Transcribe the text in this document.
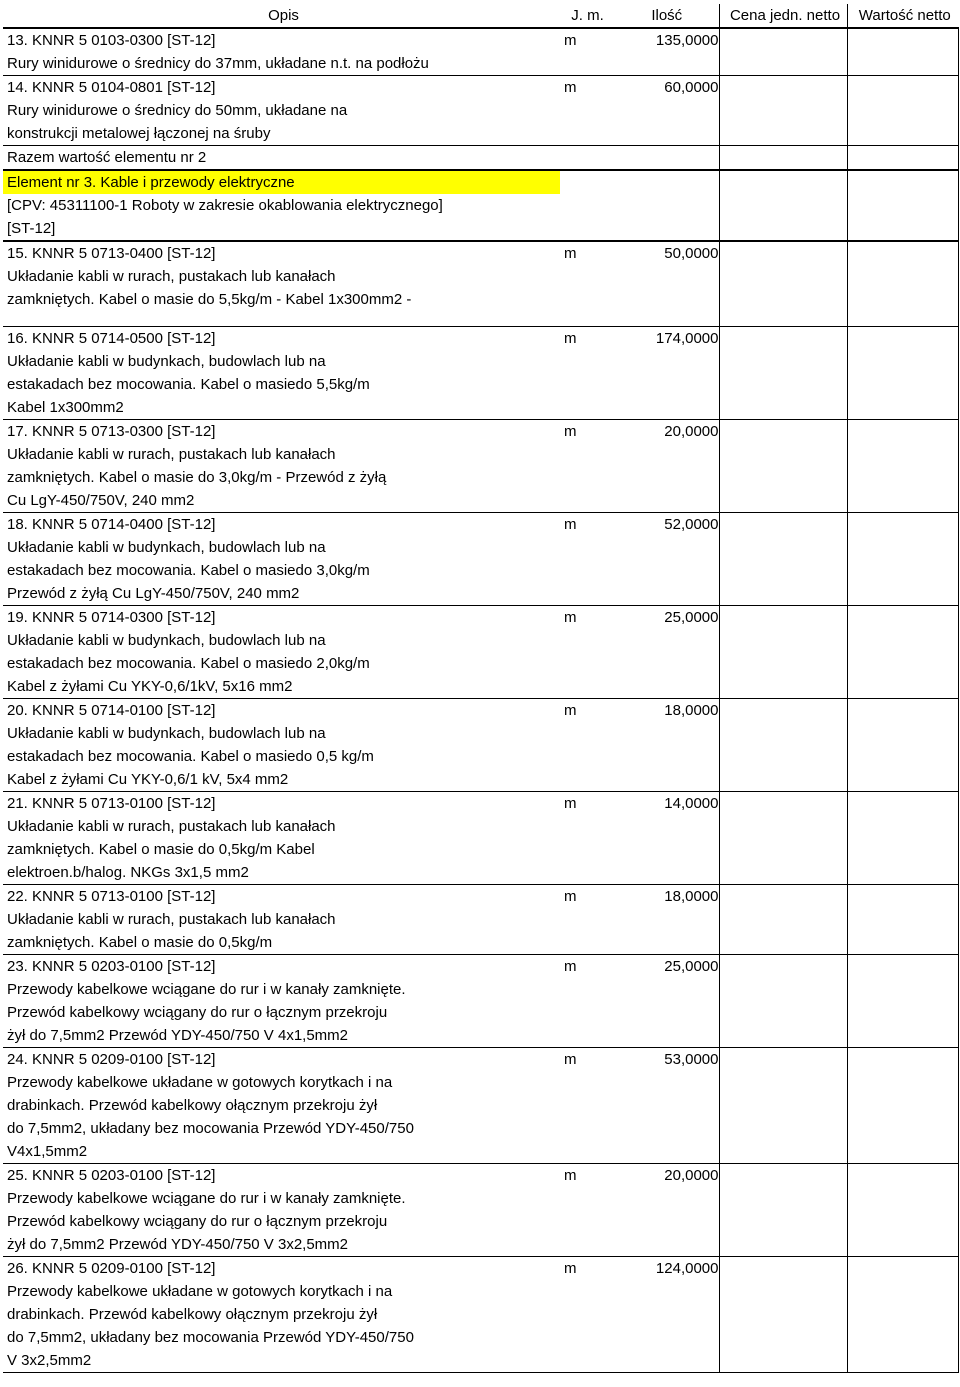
Opis	J. m.	Ilość	Cena jedn. netto	Wartość netto
13. KNNR 5 0103-0300 [ST-12]	m	135,0000		
Rury winidurowe o średnicy do 37mm, układane n.t. na podłożu				
14. KNNR 5 0104-0801 [ST-12]	m	60,0000		
Rury winidurowe o średnicy do 50mm, układane na				
konstrukcji metalowej łączonej na śruby				
Razem wartość elementu nr 2				
Element nr 3. Kable i przewody elektryczne				
[CPV: 45311100-1 Roboty w zakresie okablowania elektrycznego]				
[ST-12]				
15. KNNR 5 0713-0400 [ST-12]	m	50,0000		
Układanie kabli w rurach, pustakach lub kanałach				
zamkniętych. Kabel o masie do 5,5kg/m - Kabel 1x300mm2 -				

16. KNNR 5 0714-0500 [ST-12]	m	174,0000		
Układanie kabli w budynkach, budowlach lub na				
estakadach bez mocowania. Kabel o masiedo 5,5kg/m				
Kabel 1x300mm2				
17. KNNR 5 0713-0300 [ST-12]	m	20,0000		
Układanie kabli w rurach, pustakach lub kanałach				
zamkniętych. Kabel o masie do 3,0kg/m - Przewód z żyłą				
Cu LgY-450/750V, 240 mm2				
18. KNNR 5 0714-0400 [ST-12]	m	52,0000		
Układanie kabli w budynkach, budowlach lub na				
estakadach bez mocowania. Kabel o masiedo 3,0kg/m				
Przewód z żyłą Cu LgY-450/750V, 240 mm2				
19. KNNR 5 0714-0300 [ST-12]	m	25,0000		
Układanie kabli w budynkach, budowlach lub na				
estakadach bez mocowania. Kabel o masiedo 2,0kg/m				
Kabel z żyłami Cu YKY-0,6/1kV, 5x16 mm2				
20. KNNR 5 0714-0100 [ST-12]	m	18,0000		
Układanie kabli w budynkach, budowlach lub na				
estakadach bez mocowania. Kabel o masiedo 0,5 kg/m				
Kabel z żyłami Cu YKY-0,6/1 kV, 5x4 mm2				
21. KNNR 5 0713-0100 [ST-12]	m	14,0000		
Układanie kabli w rurach, pustakach lub kanałach				
zamkniętych. Kabel o masie do 0,5kg/m Kabel				
elektroen.b/halog. NKGs 3x1,5 mm2				
22. KNNR 5 0713-0100 [ST-12]	m	18,0000		
Układanie kabli w rurach, pustakach lub kanałach				
zamkniętych. Kabel o masie do 0,5kg/m				
23. KNNR 5 0203-0100 [ST-12]	m	25,0000		
Przewody kabelkowe wciągane do rur i w kanały zamknięte.				
Przewód kabelkowy wciągany do rur o łącznym przekroju				
żył do 7,5mm2 Przewód YDY-450/750 V 4x1,5mm2				
24. KNNR 5 0209-0100 [ST-12]	m	53,0000		
Przewody kabelkowe układane w gotowych korytkach i na				
drabinkach. Przewód kabelkowy ołącznym przekroju żył				
do 7,5mm2, układany bez mocowania Przewód YDY-450/750				
V4x1,5mm2				
25. KNNR 5 0203-0100 [ST-12]	m	20,0000		
Przewody kabelkowe wciągane do rur i w kanały zamknięte.				
Przewód kabelkowy wciągany do rur o łącznym przekroju				
żył do 7,5mm2 Przewód YDY-450/750 V 3x2,5mm2				
26. KNNR 5 0209-0100 [ST-12]	m	124,0000		
Przewody kabelkowe układane w gotowych korytkach i na				
drabinkach. Przewód kabelkowy ołącznym przekroju żył				
do 7,5mm2, układany bez mocowania Przewód YDY-450/750				
V 3x2,5mm2				
